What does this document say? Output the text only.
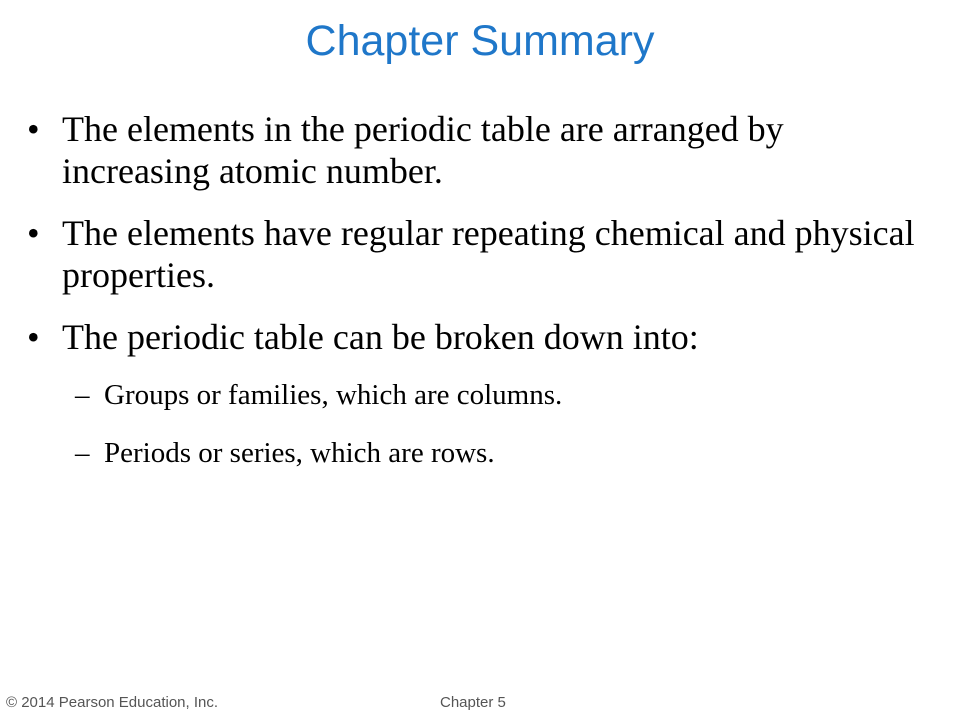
Chapter Summary
• The elements in the periodic table are arranged by increasing atomic number.
• The elements have regular repeating chemical and physical properties.
• The periodic table can be broken down into:
– Groups or families, which are columns.
– Periods or series, which are rows.
© 2014 Pearson Education, Inc.	Chapter 5
